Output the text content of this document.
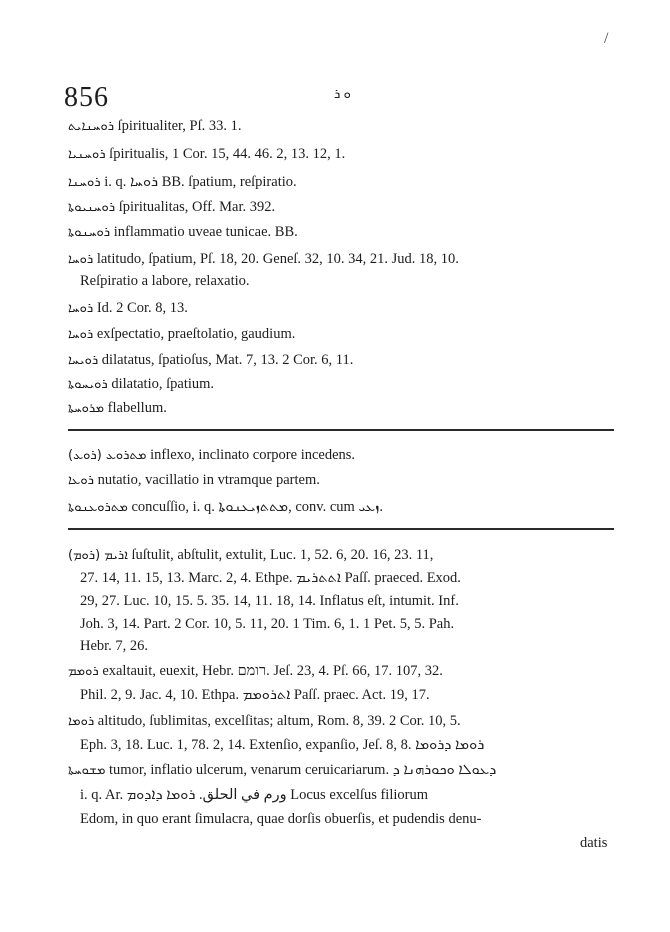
/
856	ܘ ܪ
ܪܘܚܢܐܝܬ ſpiritualiter, Pſ. 33. 1.
ܪܘܚܢܝܐ ſpiritualis, 1 Cor. 15, 44. 46. 2, 13. 12, 1.
ܪܘܚܢܐ i. q. ܪܘܚܐ BB. ſpatium, reſpiratio.
ܪܘܚܢܝܘܬܐ ſpiritualitas, Off. Mar. 392.
ܪܘܚܢܘܬܐ inflammatio uveae tunicae. BB.
ܪܘܚܐ latitudo, ſpatium, Pſ. 18, 20. Geneſ. 32, 10. 34, 21. Jud. 18, 10.
Reſpiratio a labore, relaxatio.
ܪܘܚܐ Id. 2 Cor. 8, 13.
ܪܘܚܐ exſpectatio, praeſtolatio, gaudium.
ܪܘܝܚܐ dilatatus, ſpatioſus, Mat. 7, 13. 2 Cor. 6, 11.
ܪܘܝܚܘܬܐ dilatatio, ſpatium.
ܡܪܘܚܬܐ flabellum.
(ܪܘܥ) ܡܬܪܘܥ inflexo, inclinato corpore incedens.
ܪܘܥܐ nutatio, vacillatio in vtramque partem.
ܡܬܪܘܥܢܘܬܐ concuſſio, i. q. ܡܬܬܙܝܥܢܘܬܐ, conv. cum ܙܥܝ.
(ܪܘܡ) ܐܪܝܡ ſuſtulit, abſtulit, extulit, Luc. 1, 52. 6, 20. 16, 23. 11,
27. 14, 11. 15, 13. Marc. 2, 4. Ethpe. ܐܬܬܪܝܡ Paſſ. praeced. Exod.
29, 27. Luc. 10, 15. 5. 35. 14, 11. 18, 14. Inflatus eſt, intumit. Inf.
Joh. 3, 14. Part. 2 Cor. 10, 5. 11, 20. 1 Tim. 6, 1. 1 Pet. 5, 5. Pah.
Hebr. 7, 26.
ܪܘܡܡ exaltauit, euexit, Hebr. רומם. Jeſ. 23, 4. Pſ. 66, 17. 107, 32.
Phil. 2, 9. Jac. 4, 10. Ethpa. ܐܬܪܘܡܡ Paſſ. praec. Act. 19, 17.
ܪܘܡܐ altitudo, ſublimitas, excelſitas; altum, Rom. 8, 39. 2 Cor. 10, 5.
Eph. 3, 18. Luc. 1, 78. 2, 14. Extenſio, expanſio, Jeſ. 8, 8. ܪܘܡܐ ܕܪܘܡܐ
ܡܫܘܚܬܐ tumor, inflatio ulcerum, venarum ceruicariarum. ܕܥܘܠܐ ܘܟܘܪܗܢܐ ܕ
i. q. Ar. ورم في الحلق. ܪܘܡܐ ܕܐܕܘܡ Locus excelſus filiorum
Edom, in quo erant ſimulacra, quae dorſis obuerſis, et pudendis denu-
datis
